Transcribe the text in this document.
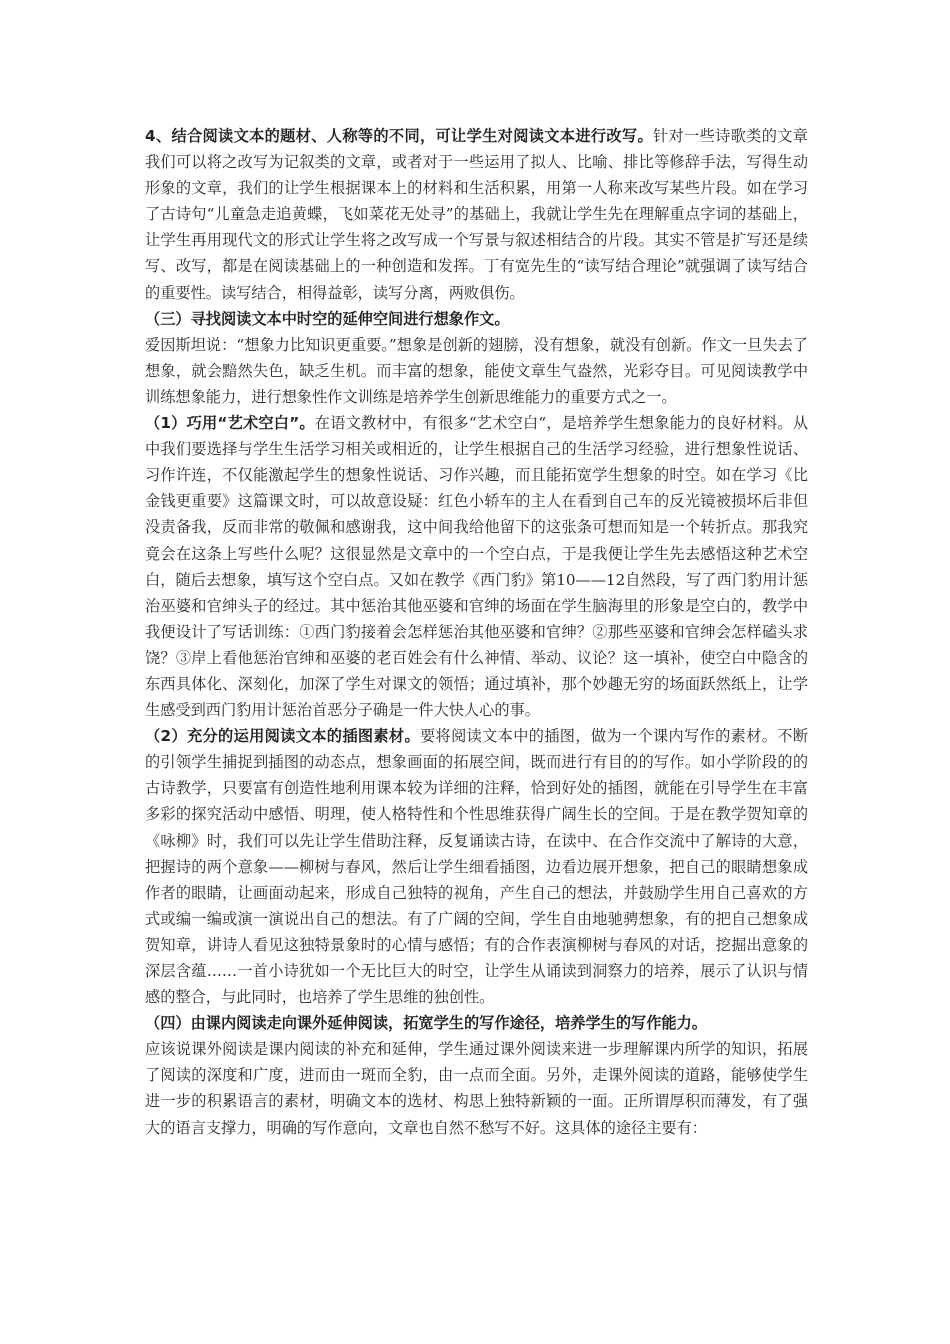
4、结合阅读文本的题材、人称等的不同，可让学生对阅读文本进行改写。针对一些诗歌类的文章我们可以将之改写为记叙类的文章，或者对于一些运用了拟人、比喻、排比等修辞手法，写得生动形象的文章，我们的让学生根据课本上的材料和生活积累，用第一人称来改写某些片段。如在学习了古诗句“儿童急走追黄蝶，飞如菜花无处寻”的基础上，我就让学生先在理解重点字词的基础上，让学生再用现代文的形式让学生将之改写成一个写景与叙述相结合的片段。其实不管是扩写还是续写、改写，都是在阅读基础上的一种创造和发挥。丁有宽先生的“读写结合理论”就强调了读写结合的重要性。读写结合，相得益彰，读写分离，两败俱伤。

（三）寻找阅读文本中时空的延伸空间进行想象作文。

爱因斯坦说：“想象力比知识更重要。”想象是创新的翅膀，没有想象，就没有创新。作文一旦失去了想象，就会黯然失色，缺乏生机。而丰富的想象，能使文章生气盎然，光彩夺目。可见阅读教学中训练想象能力，进行想象性作文训练是培养学生创新思维能力的重要方式之一。

（1）巧用“艺术空白”。在语文教材中，有很多“艺术空白“，是培养学生想象能力的良好材料。从中我们要选择与学生生活学习相关或相近的，让学生根据自己的生活学习经验，进行想象性说话、习作许连，不仅能激起学生的想象性说话、习作兴趣，而且能拓宽学生想象的时空。如在学习《比金钱更重要》这篇课文时，可以故意设疑：红色小轿车的主人在看到自己车的反光镜被损坏后非但没责备我，反而非常的敬佩和感谢我，这中间我给他留下的这张条可想而知是一个转折点。那我究竟会在这条上写些什么呢？这很显然是文章中的一个空白点，于是我便让学生先去感悟这种艺术空白，随后去想象，填写这个空白点。又如在教学《西门豹》第10——12自然段，写了西门豹用计惩治巫婆和官绅头子的经过。其中惩治其他巫婆和官绅的场面在学生脑海里的形象是空白的，教学中我便设计了写话训练：①西门豹接着会怎样惩治其他巫婆和官绅？②那些巫婆和官绅会怎样磕头求饶？③岸上看他惩治官绅和巫婆的老百姓会有什么神情、举动、议论？这一填补，使空白中隐含的东西具体化、深刻化，加深了学生对课文的领悟；通过填补，那个妙趣无穷的场面跃然纸上，让学生感受到西门豹用计惩治首恶分子确是一件大快人心的事。

（2）充分的运用阅读文本的插图素材。要将阅读文本中的插图，做为一个课内写作的素材。不断的引领学生捕捉到插图的动态点，想象画面的拓展空间，既而进行有目的的写作。如小学阶段的的古诗教学，只要富有创造性地利用课本较为详细的注释，恰到好处的插图，就能在引导学生在丰富多彩的探究活动中感悟、明理，使人格特性和个性思维获得广阔生长的空间。于是在教学贺知章的《咏柳》时，我们可以先让学生借助注释，反复诵读古诗，在读中、在合作交流中了解诗的大意，把握诗的两个意象——柳树与春风，然后让学生细看插图，边看边展开想象，把自己的眼睛想象成作者的眼睛，让画面动起来，形成自己独特的视角，产生自己的想法，并鼓励学生用自己喜欢的方式或编一编或演一演说出自己的想法。有了广阔的空间，学生自由地驰骋想象，有的把自己想象成贺知章，讲诗人看见这独特景象时的心情与感悟；有的合作表演柳树与春风的对话，挖掘出意象的深层含蕴……一首小诗犹如一个无比巨大的时空，让学生从诵读到洞察力的培养，展示了认识与情感的整合，与此同时，也培养了学生思维的独创性。

（四）由课内阅读走向课外延伸阅读，拓宽学生的写作途径，培养学生的写作能力。

应该说课外阅读是课内阅读的补充和延伸，学生通过课外阅读来进一步理解课内所学的知识，拓展了阅读的深度和广度，进而由一斑而全豹，由一点而全面。另外，走课外阅读的道路，能够使学生进一步的积累语言的素材，明确文本的选材、构思上独特新颖的一面。正所谓厚积而薄发，有了强大的语言支撑力，明确的写作意向，文章也自然不愁写不好。这具体的途径主要有：
